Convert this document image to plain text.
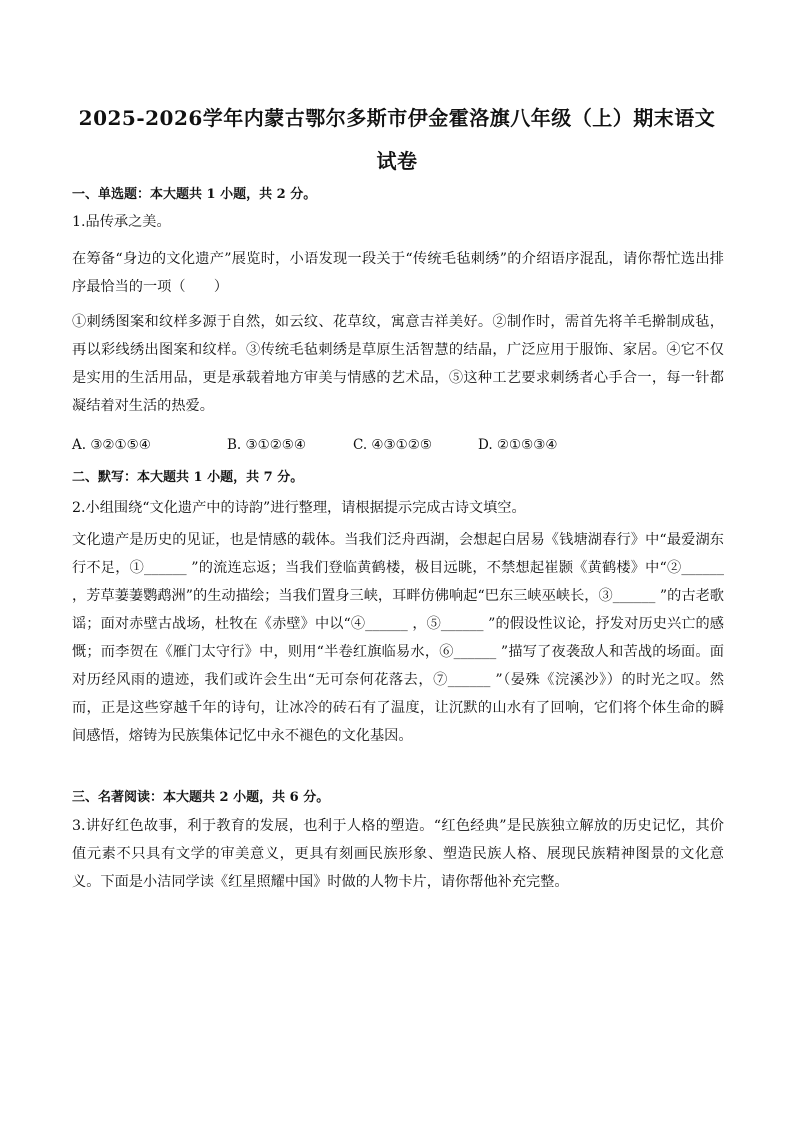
2025-2026学年内蒙古鄂尔多斯市伊金霍洛旗八年级（上）期末语文
试卷
一、单选题：本大题共 1 小题，共 2 分。
1.品传承之美。
在筹备“身边的文化遗产”展览时，小语发现一段关于“传统毛毡刺绣”的介绍语序混乱，请你帮忙选出排序最恰当的一项（　　）
①刺绣图案和纹样多源于自然，如云纹、花草纹，寓意吉祥美好。②制作时，需首先将羊毛擀制成毡，再以彩线绣出图案和纹样。③传统毛毡刺绣是草原生活智慧的结晶，广泛应用于服饰、家居。④它不仅是实用的生活用品，更是承载着地方审美与情感的艺术品，⑤这种工艺要求刺绣者心手合一，每一针都凝结着对生活的热爱。
A. ③②①⑤④	B. ③①②⑤④	C. ④③①②⑤	D. ②①⑤③④
二、默写：本大题共 1 小题，共 7 分。
2.小组围绕“文化遗产中的诗韵”进行整理，请根据提示完成古诗文填空。
文化遗产是历史的见证，也是情感的载体。当我们泛舟西湖，会想起白居易《钱塘湖春行》中“最爱湖东行不足，①______ ”的流连忘返；当我们登临黄鹤楼，极目远眺，不禁想起崔颢《黄鹤楼》中“②______ ，芳草萋萋鹦鹉洲”的生动描绘；当我们置身三峡，耳畔仿佛响起“巴东三峡巫峡长，③______ ”的古老歌谣；面对赤壁古战场，杜牧在《赤壁》中以“④______ ，⑤______ ”的假设性议论，抒发对历史兴亡的感慨；而李贺在《雁门太守行》中，则用“半卷红旗临易水，⑥______ ”描写了夜袭敌人和苦战的场面。面对历经风雨的遗迹，我们或许会生出“无可奈何花落去，⑦______ ”（晏殊《浣溪沙》）的时光之叹。然而，正是这些穿越千年的诗句，让冰冷的砖石有了温度，让沉默的山水有了回响，它们将个体生命的瞬间感悟，熔铸为民族集体记忆中永不褪色的文化基因。
三、名著阅读：本大题共 2 小题，共 6 分。
3.讲好红色故事，利于教育的发展，也利于人格的塑造。“红色经典”是民族独立解放的历史记忆，其价值元素不只具有文学的审美意义，更具有刻画民族形象、塑造民族人格、展现民族精神图景的文化意义。下面是小洁同学读《红星照耀中国》时做的人物卡片，请你帮他补充完整。
